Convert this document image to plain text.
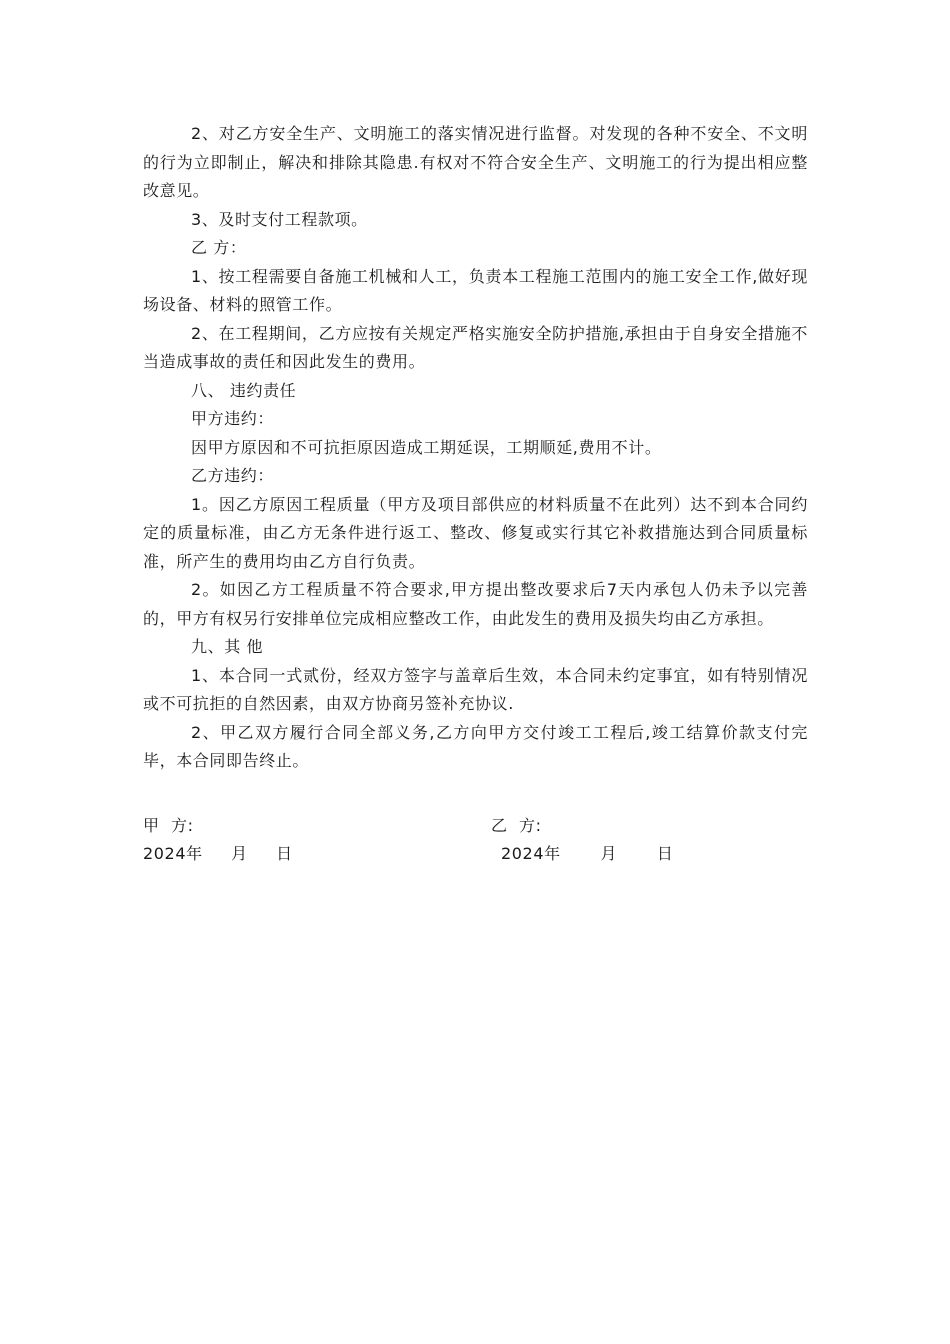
2、对乙方安全生产、文明施工的落实情况进行监督。对发现的各种不安全、不文明的行为立即制止，解决和排除其隐患.有权对不符合安全生产、文明施工的行为提出相应整改意见。

3、及时支付工程款项。

乙 方：

1、按工程需要自备施工机械和人工，负责本工程施工范围内的施工安全工作,做好现场设备、材料的照管工作。

2、在工程期间，乙方应按有关规定严格实施安全防护措施,承担由于自身安全措施不当造成事故的责任和因此发生的费用。

八、 违约责任

甲方违约：

因甲方原因和不可抗拒原因造成工期延误，工期顺延,费用不计。

乙方违约：

1。因乙方原因工程质量（甲方及项目部供应的材料质量不在此列）达不到本合同约定的质量标准，由乙方无条件进行返工、整改、修复或实行其它补救措施达到合同质量标准，所产生的费用均由乙方自行负责。

2。如因乙方工程质量不符合要求,甲方提出整改要求后7天内承包人仍未予以完善的，甲方有权另行安排单位完成相应整改工作，由此发生的费用及损失均由乙方承担。

九、其 他

1、本合同一式贰份，经双方签字与盖章后生效，本合同未约定事宜，如有特别情况或不可抗拒的自然因素，由双方协商另签补充协议.

2、甲乙双方履行合同全部义务,乙方向甲方交付竣工工程后,竣工结算价款支付完毕，本合同即告终止。

甲  方:	乙  方:
2024年     月     日	2024年       月       日
